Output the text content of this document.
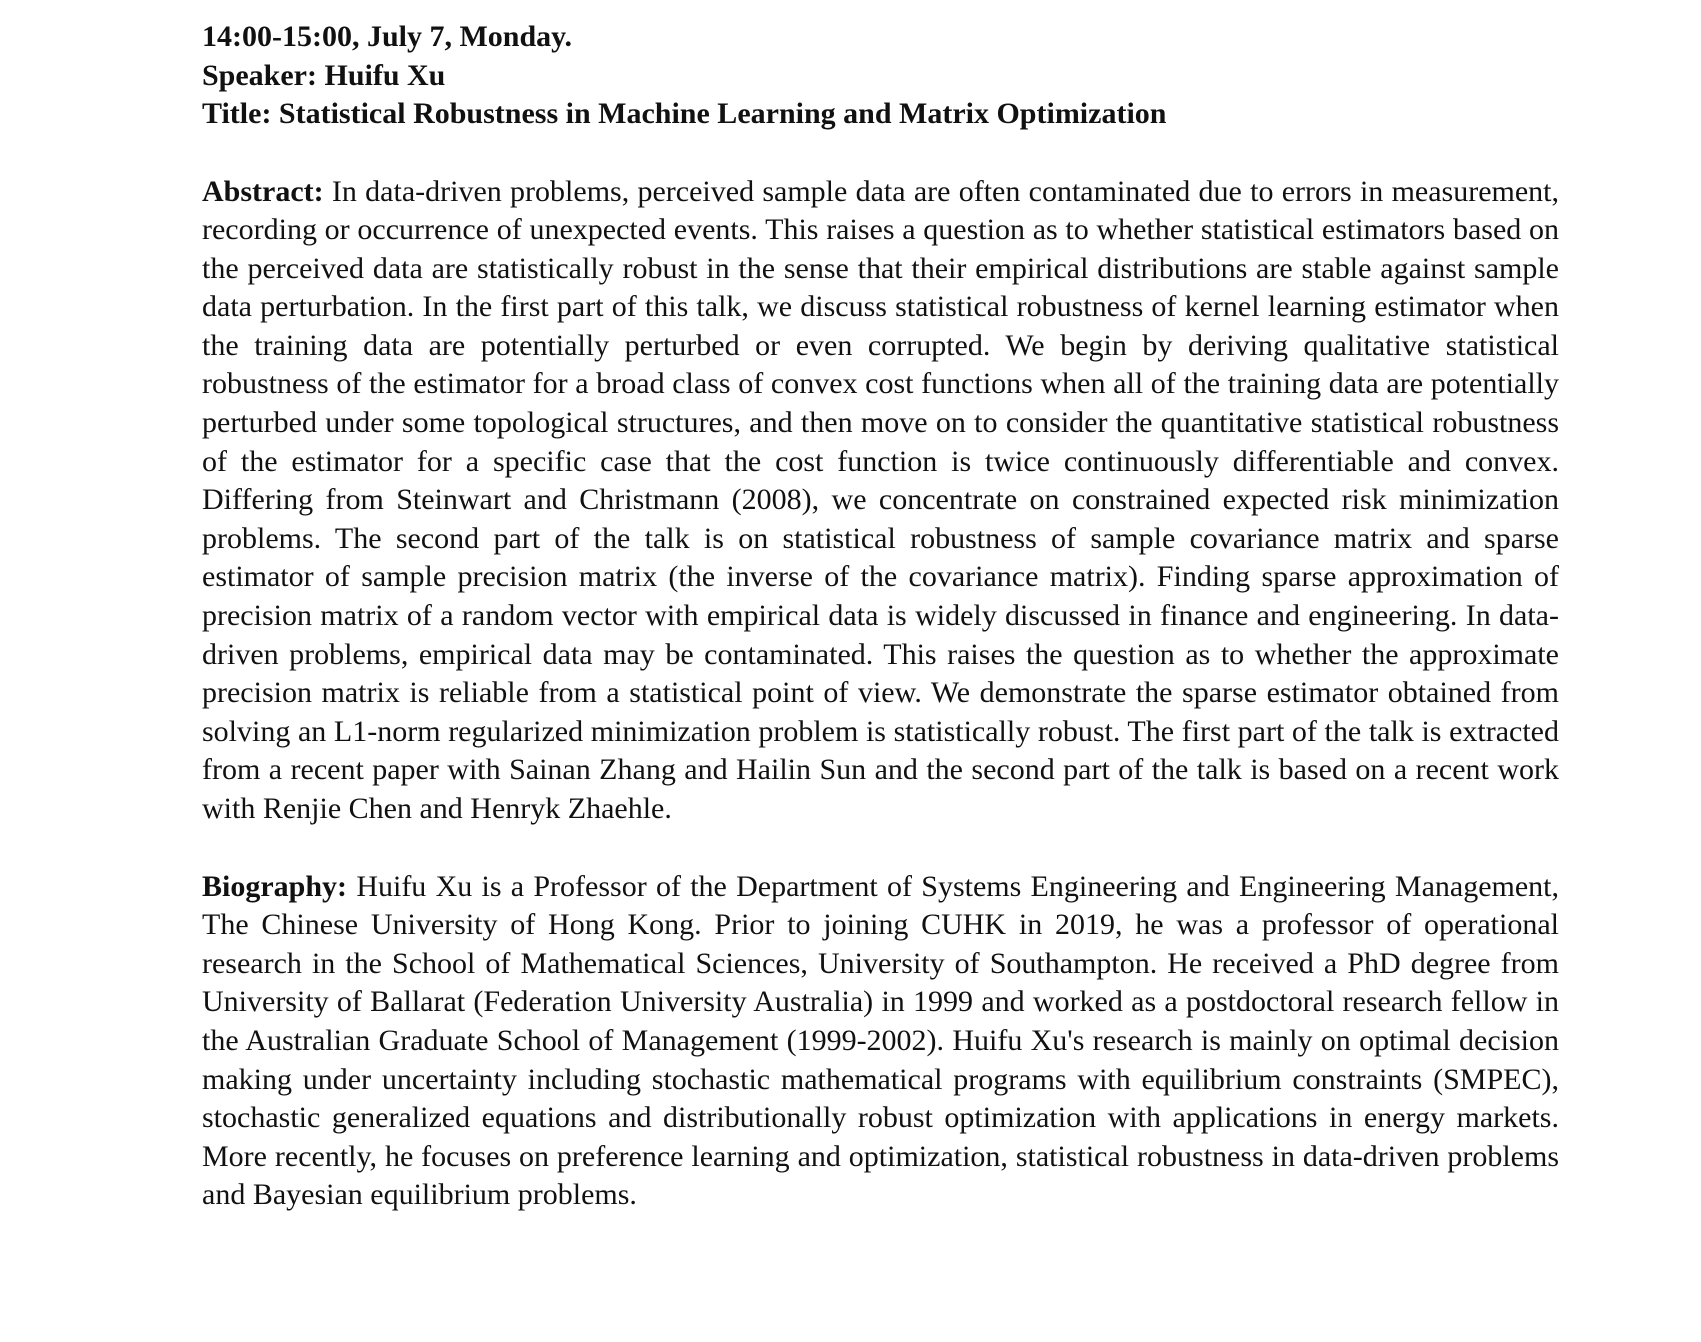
14:00-15:00, July 7, Monday.

Speaker: Huifu Xu

Title: Statistical Robustness in Machine Learning and Matrix Optimization

Abstract: In data-driven problems, perceived sample data are often contaminated due to errors in measurement, recording or occurrence of unexpected events. This raises a question as to whether statistical estimators based on the perceived data are statistically robust in the sense that their empirical distributions are stable against sample data perturbation. In the first part of this talk, we discuss statistical robustness of kernel learning estimator when the training data are potentially perturbed or even corrupted. We begin by deriving qualitative statistical robustness of the estimator for a broad class of convex cost functions when all of the training data are potentially perturbed under some topological structures, and then move on to consider the quantitative statistical robustness of the estimator for a specific case that the cost function is twice continuously differentiable and convex. Differing from Steinwart and Christmann (2008), we concentrate on constrained expected risk minimization problems. The second part of the talk is on statistical robustness of sample covariance matrix and sparse estimator of sample precision matrix (the inverse of the covariance matrix). Finding sparse approximation of precision matrix of a random vector with empirical data is widely discussed in finance and engineering. In data-driven problems, empirical data may be contaminated. This raises the question as to whether the approximate precision matrix is reliable from a statistical point of view. We demonstrate the sparse estimator obtained from solving an L1-norm regularized minimization problem is statistically robust. The first part of the talk is extracted from a recent paper with Sainan Zhang and Hailin Sun and the second part of the talk is based on a recent work with Renjie Chen and Henryk Zhaehle.

Biography: Huifu Xu is a Professor of the Department of Systems Engineering and Engineering Management, The Chinese University of Hong Kong. Prior to joining CUHK in 2019, he was a professor of operational research in the School of Mathematical Sciences, University of Southampton. He received a PhD degree from University of Ballarat (Federation University Australia) in 1999 and worked as a postdoctoral research fellow in the Australian Graduate School of Management (1999-2002). Huifu Xu's research is mainly on optimal decision making under uncertainty including stochastic mathematical programs with equilibrium constraints (SMPEC), stochastic generalized equations and distributionally robust optimization with applications in energy markets. More recently, he focuses on preference learning and optimization, statistical robustness in data-driven problems and Bayesian equilibrium problems.
